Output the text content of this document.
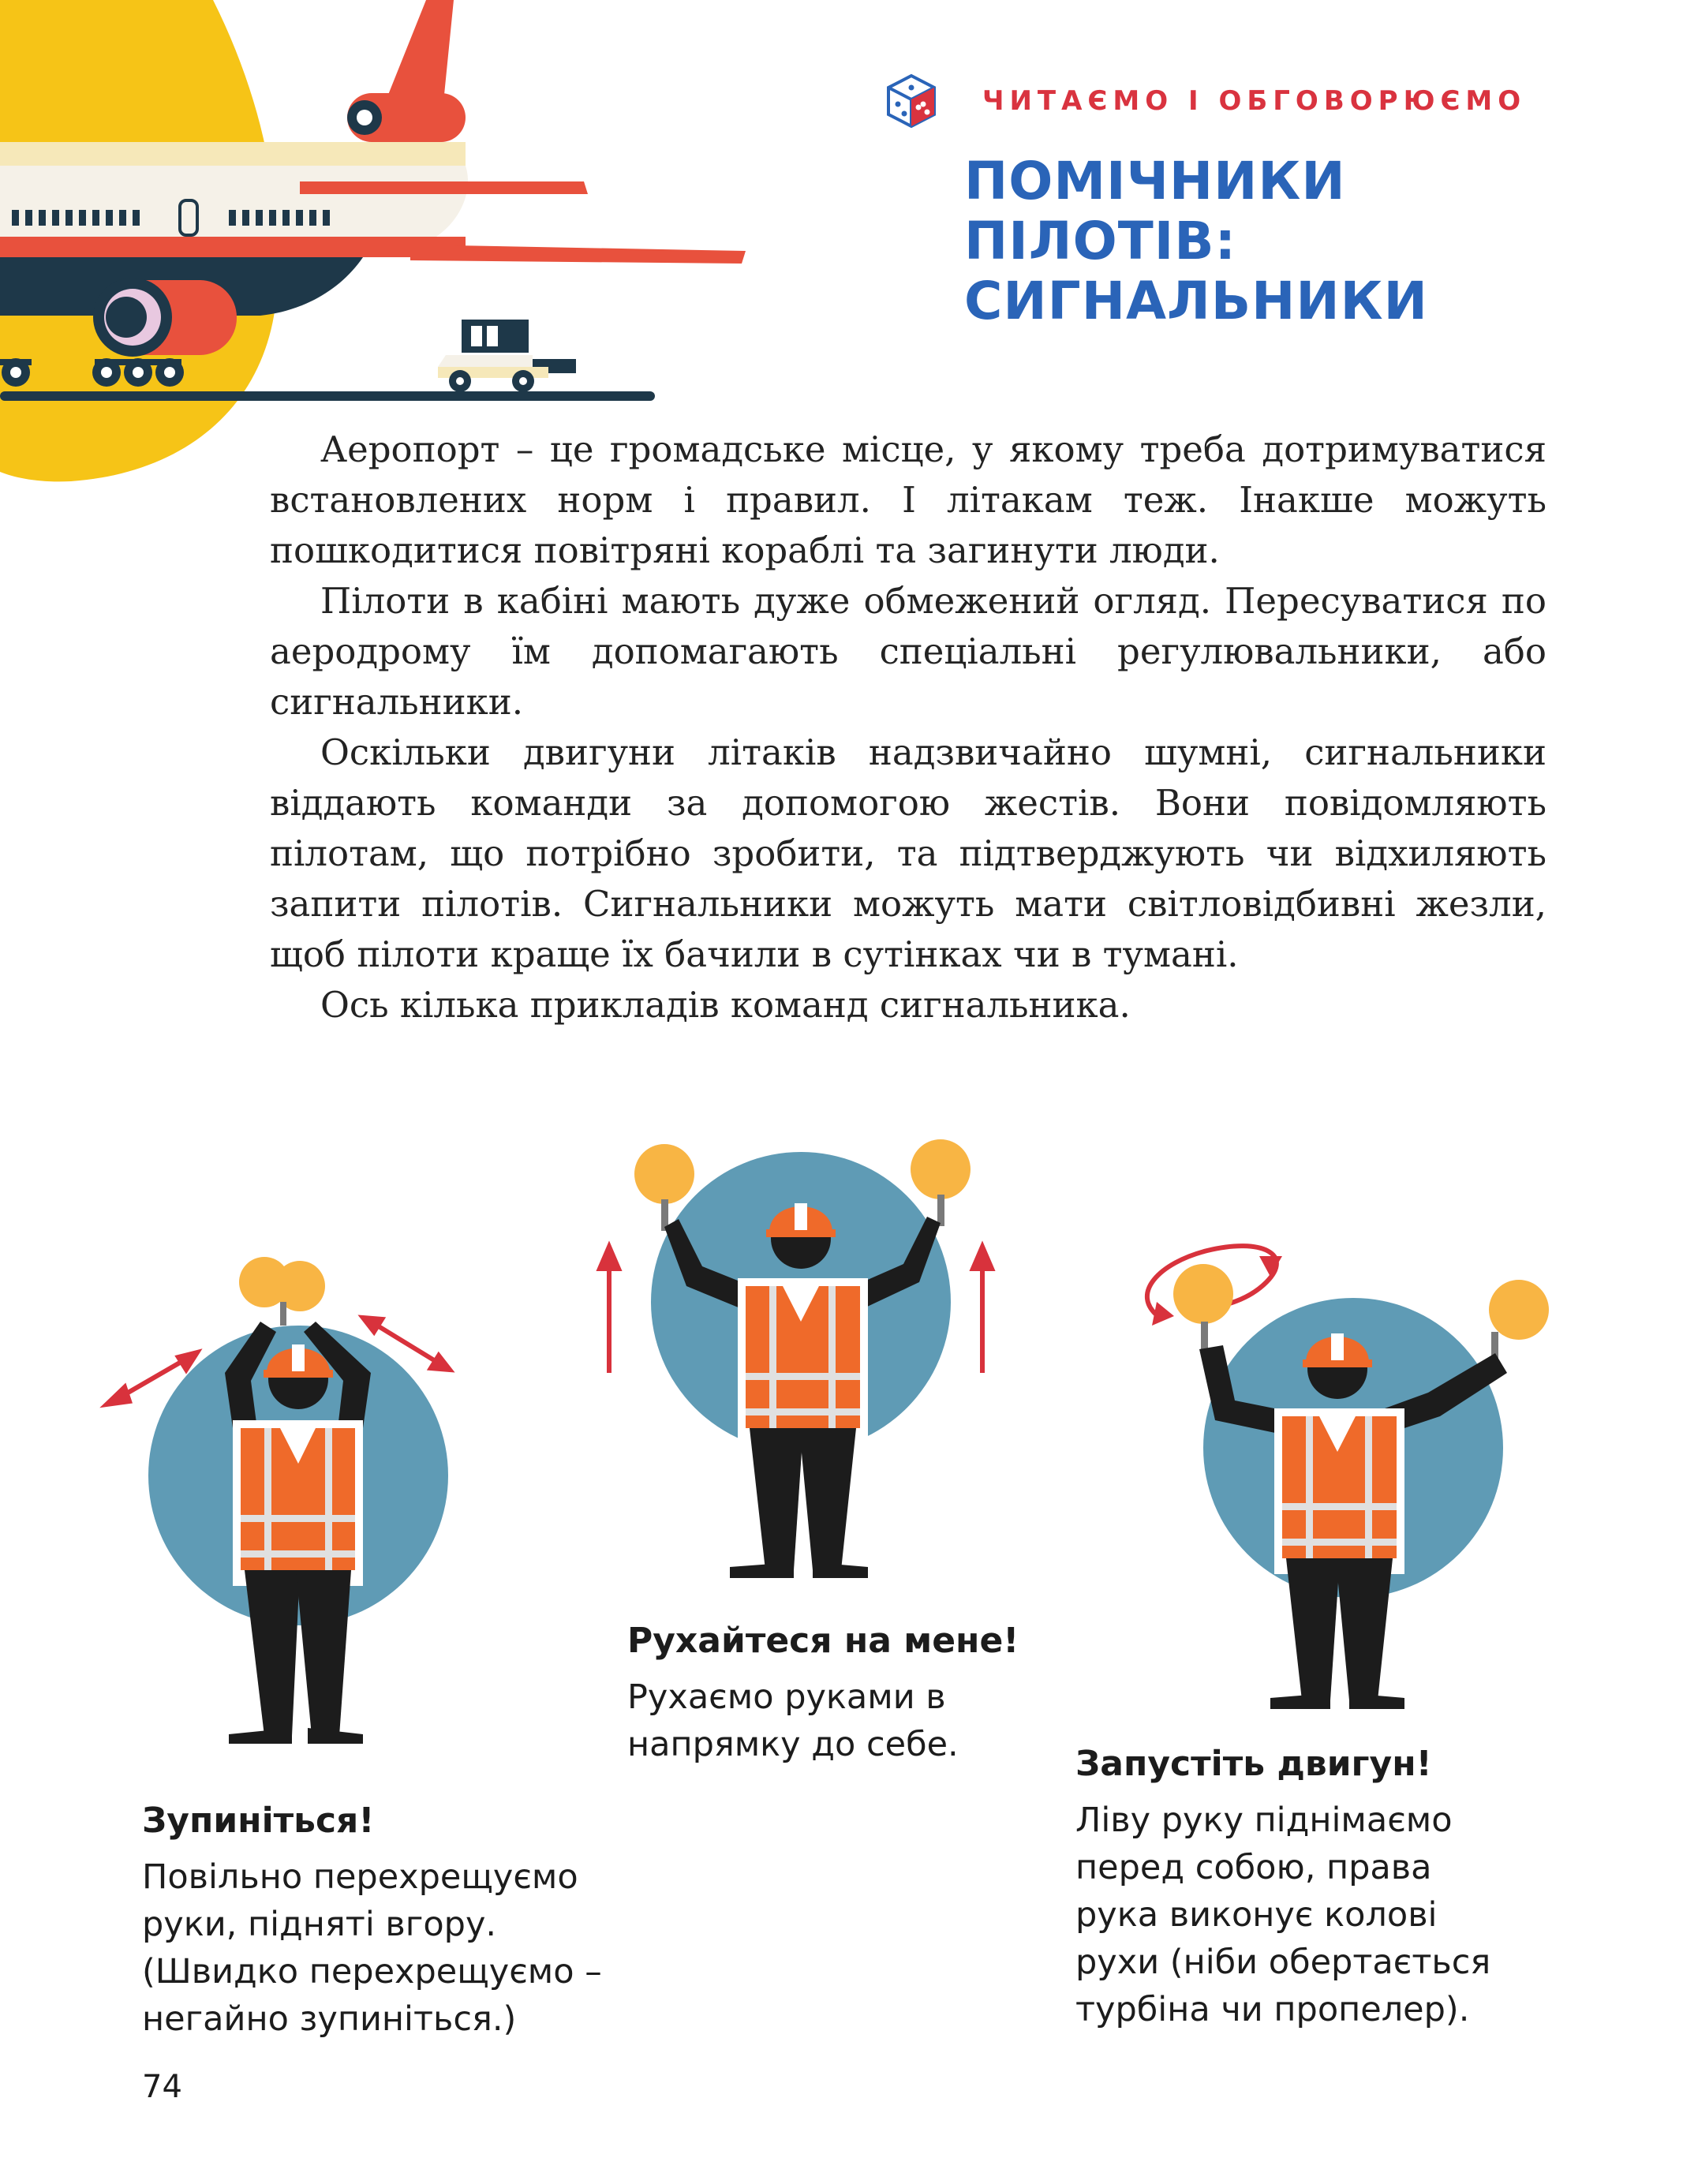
ЧИТАЄМО І ОБГОВОРЮЄМО
ПОМІЧНИКИ
ПІЛОТІВ:
СИГНАЛЬНИКИ

Аеропорт – це громадське місце, у якому треба дотримуватися встановлених норм і правил. І літакам теж. Інакше можуть пошкодитися повітряні кораблі та загинути люди.

Пілоти в кабіні мають дуже обмежений огляд. Пересуватися по аеродрому їм допомагають спеціальні регулювальники, або сигнальники.

Оскільки двигуни літаків надзвичайно шумні, сигнальники віддають команди за допомогою жестів. Вони повідомляють пілотам, що потрібно зробити, та підтверджують чи відхиляють запити пілотів. Сигнальники можуть мати світловідбивні жезли, щоб пілоти краще їх бачили в сутінках чи в тумані.

Ось кілька прикладів команд сигнальника.

Зупиніться!
Повільно перехрещуємо
руки, підняті вгору.
(Швидко перехрещуємо –
негайно зупиніться.)
Рухайтеся на мене!
Рухаємо руками в
напрямку до себе.	Запустіть двигун!
Ліву руку піднімаємо
перед собою, права
рука виконує колові
рухи (ніби обертається
турбіна чи пропелер).
74
